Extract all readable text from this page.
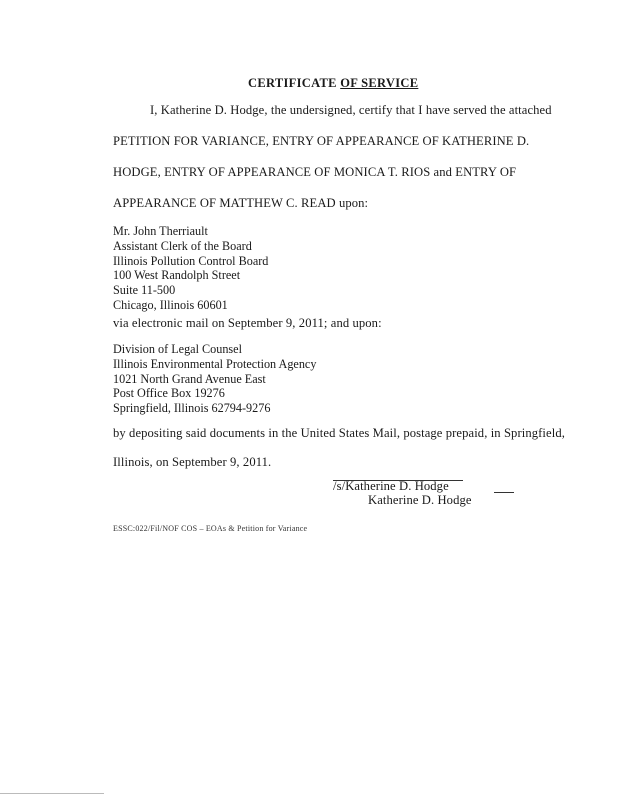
CERTIFICATE OF SERVICE
I, Katherine D. Hodge, the undersigned, certify that I have served the attached
PETITION FOR VARIANCE, ENTRY OF APPEARANCE OF KATHERINE D.
HODGE, ENTRY OF APPEARANCE OF MONICA T. RIOS and ENTRY OF
APPEARANCE OF MATTHEW C. READ upon:
Mr. John Therriault
Assistant Clerk of the Board
Illinois Pollution Control Board
100 West Randolph Street
Suite 11-500
Chicago, Illinois 60601
via electronic mail on September 9, 2011; and upon:
Division of Legal Counsel
Illinois Environmental Protection Agency
1021 North Grand Avenue East
Post Office Box 19276
Springfield, Illinois 62794-9276
by depositing said documents in the United States Mail, postage prepaid, in Springfield,
Illinois, on September 9, 2011.
/s/Katherine D. Hodge
Katherine D. Hodge
ESSC:022/Fil/NOF COS – EOAs & Petition for Variance
